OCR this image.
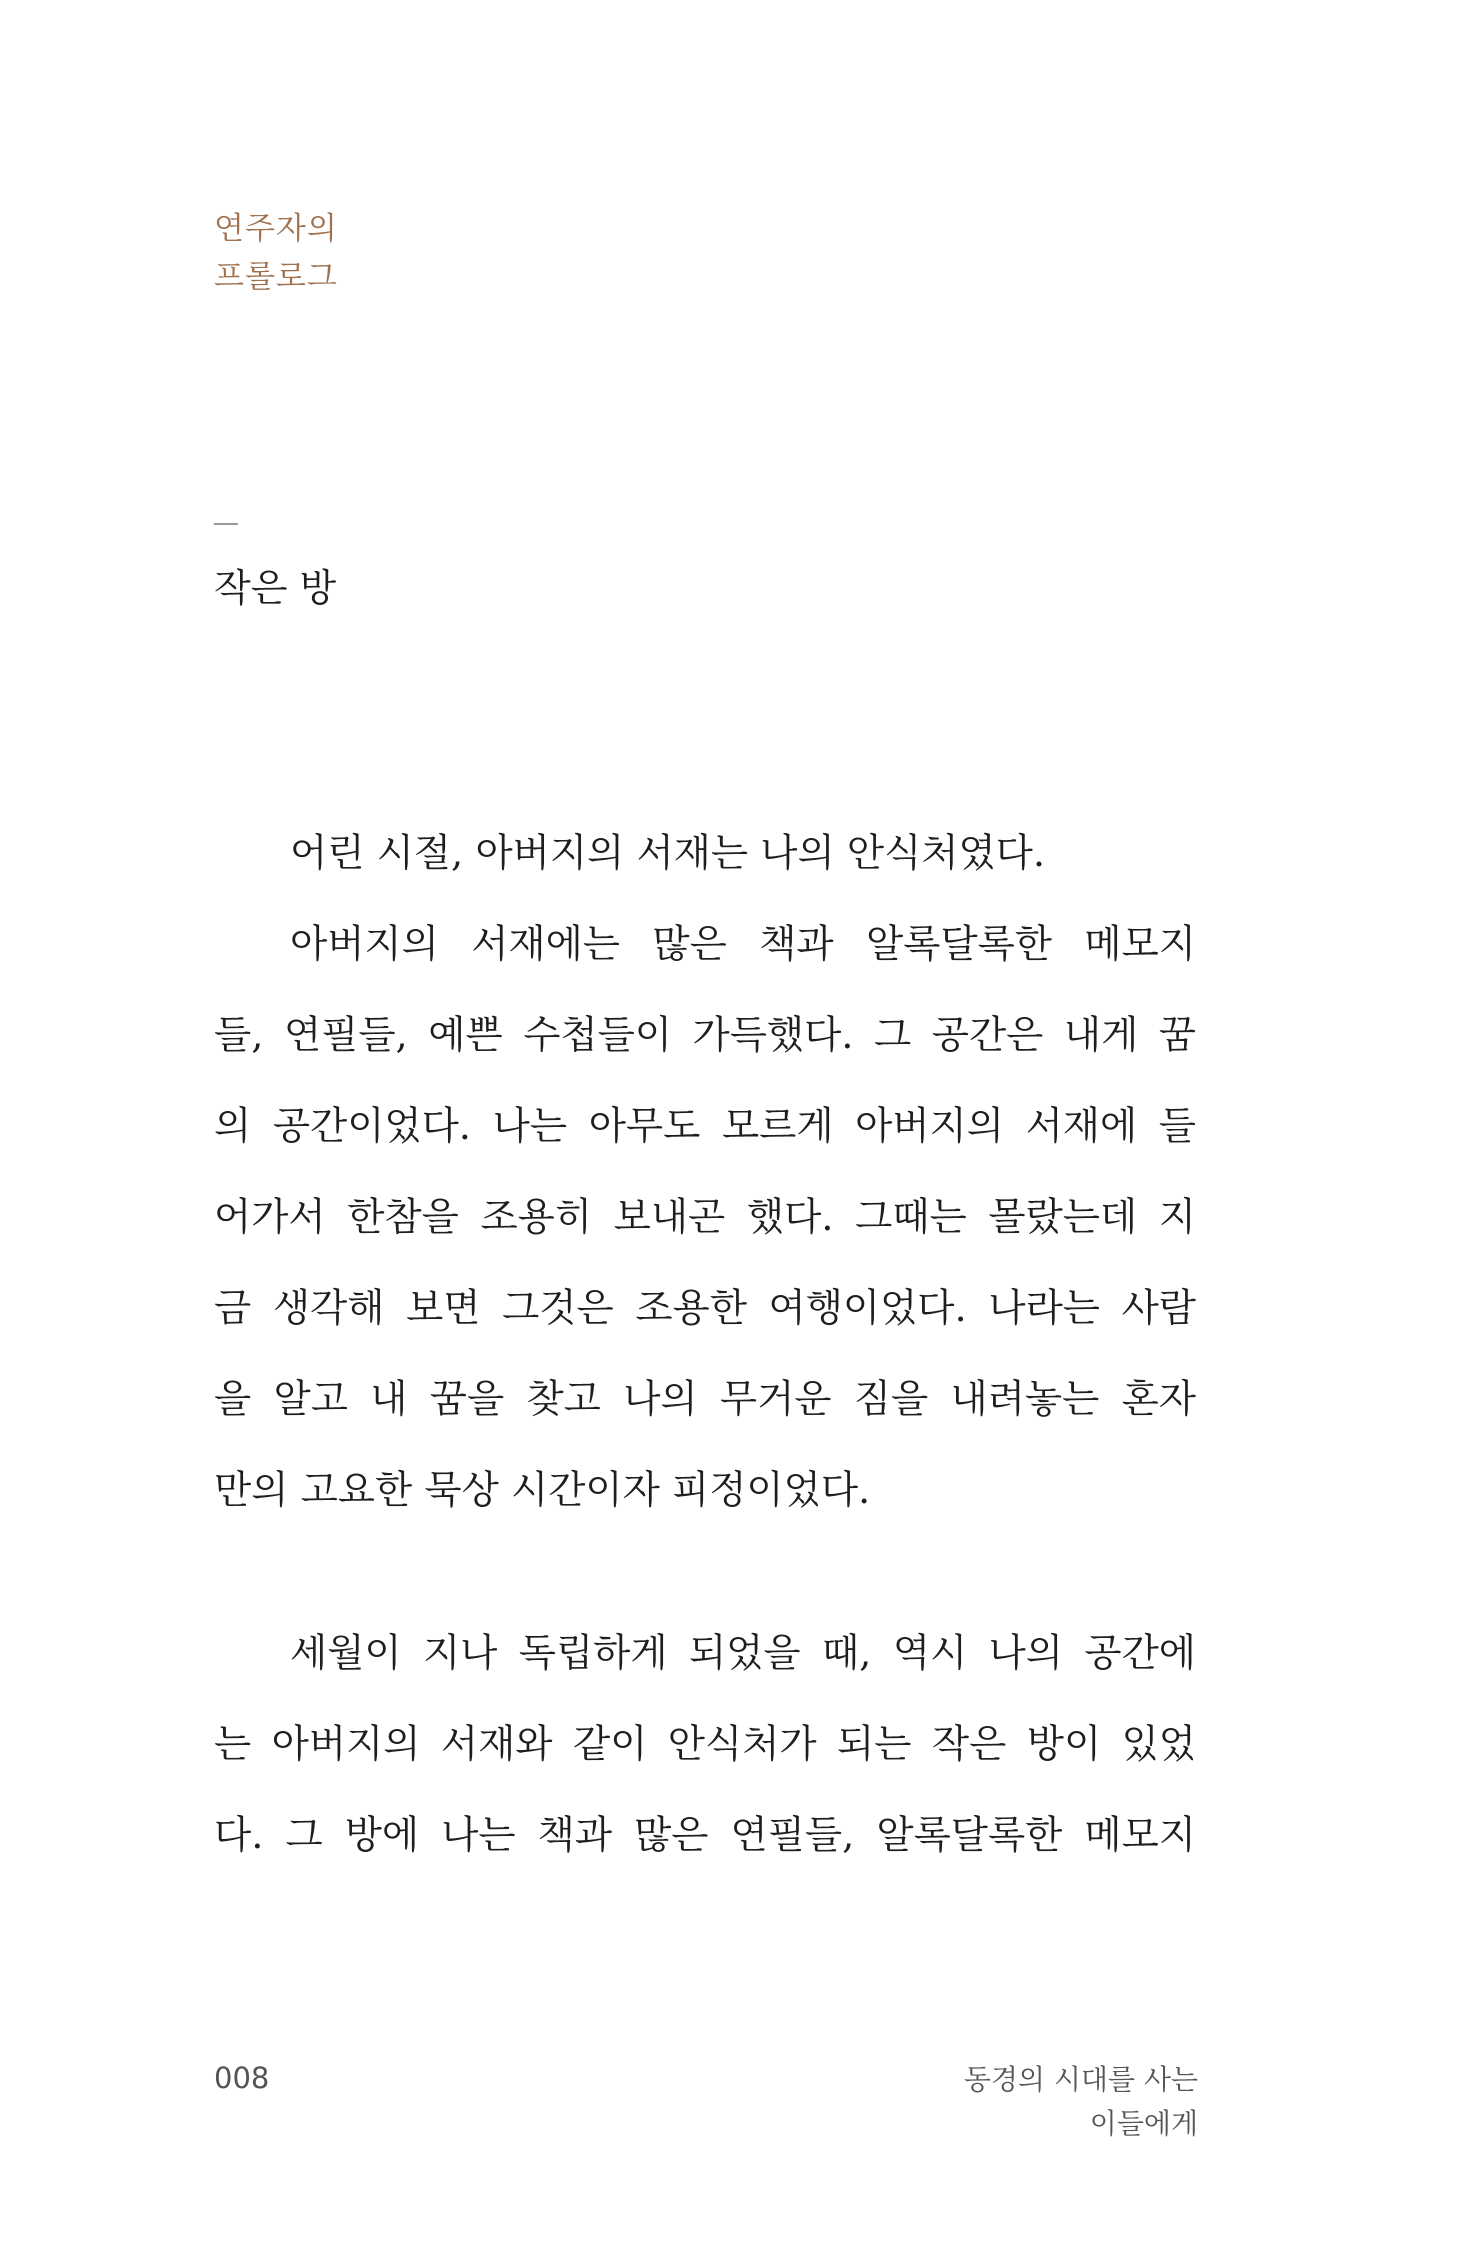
연주자의
프롤로그
작은 방
어린 시절, 아버지의 서재는 나의 안식처였다.
아버지의 서재에는 많은 책과 알록달록한 메모지
들, 연필들, 예쁜 수첩들이 가득했다. 그 공간은 내게 꿈
의 공간이었다. 나는 아무도 모르게 아버지의 서재에 들
어가서 한참을 조용히 보내곤 했다. 그때는 몰랐는데 지
금 생각해 보면 그것은 조용한 여행이었다. 나라는 사람
을 알고 내 꿈을 찾고 나의 무거운 짐을 내려놓는 혼자
만의 고요한 묵상 시간이자 피정이었다.
세월이 지나 독립하게 되었을 때, 역시 나의 공간에
는 아버지의 서재와 같이 안식처가 되는 작은 방이 있었
다. 그 방에 나는 책과 많은 연필들, 알록달록한 메모지
008	동경의 시대를 사는
이들에게
